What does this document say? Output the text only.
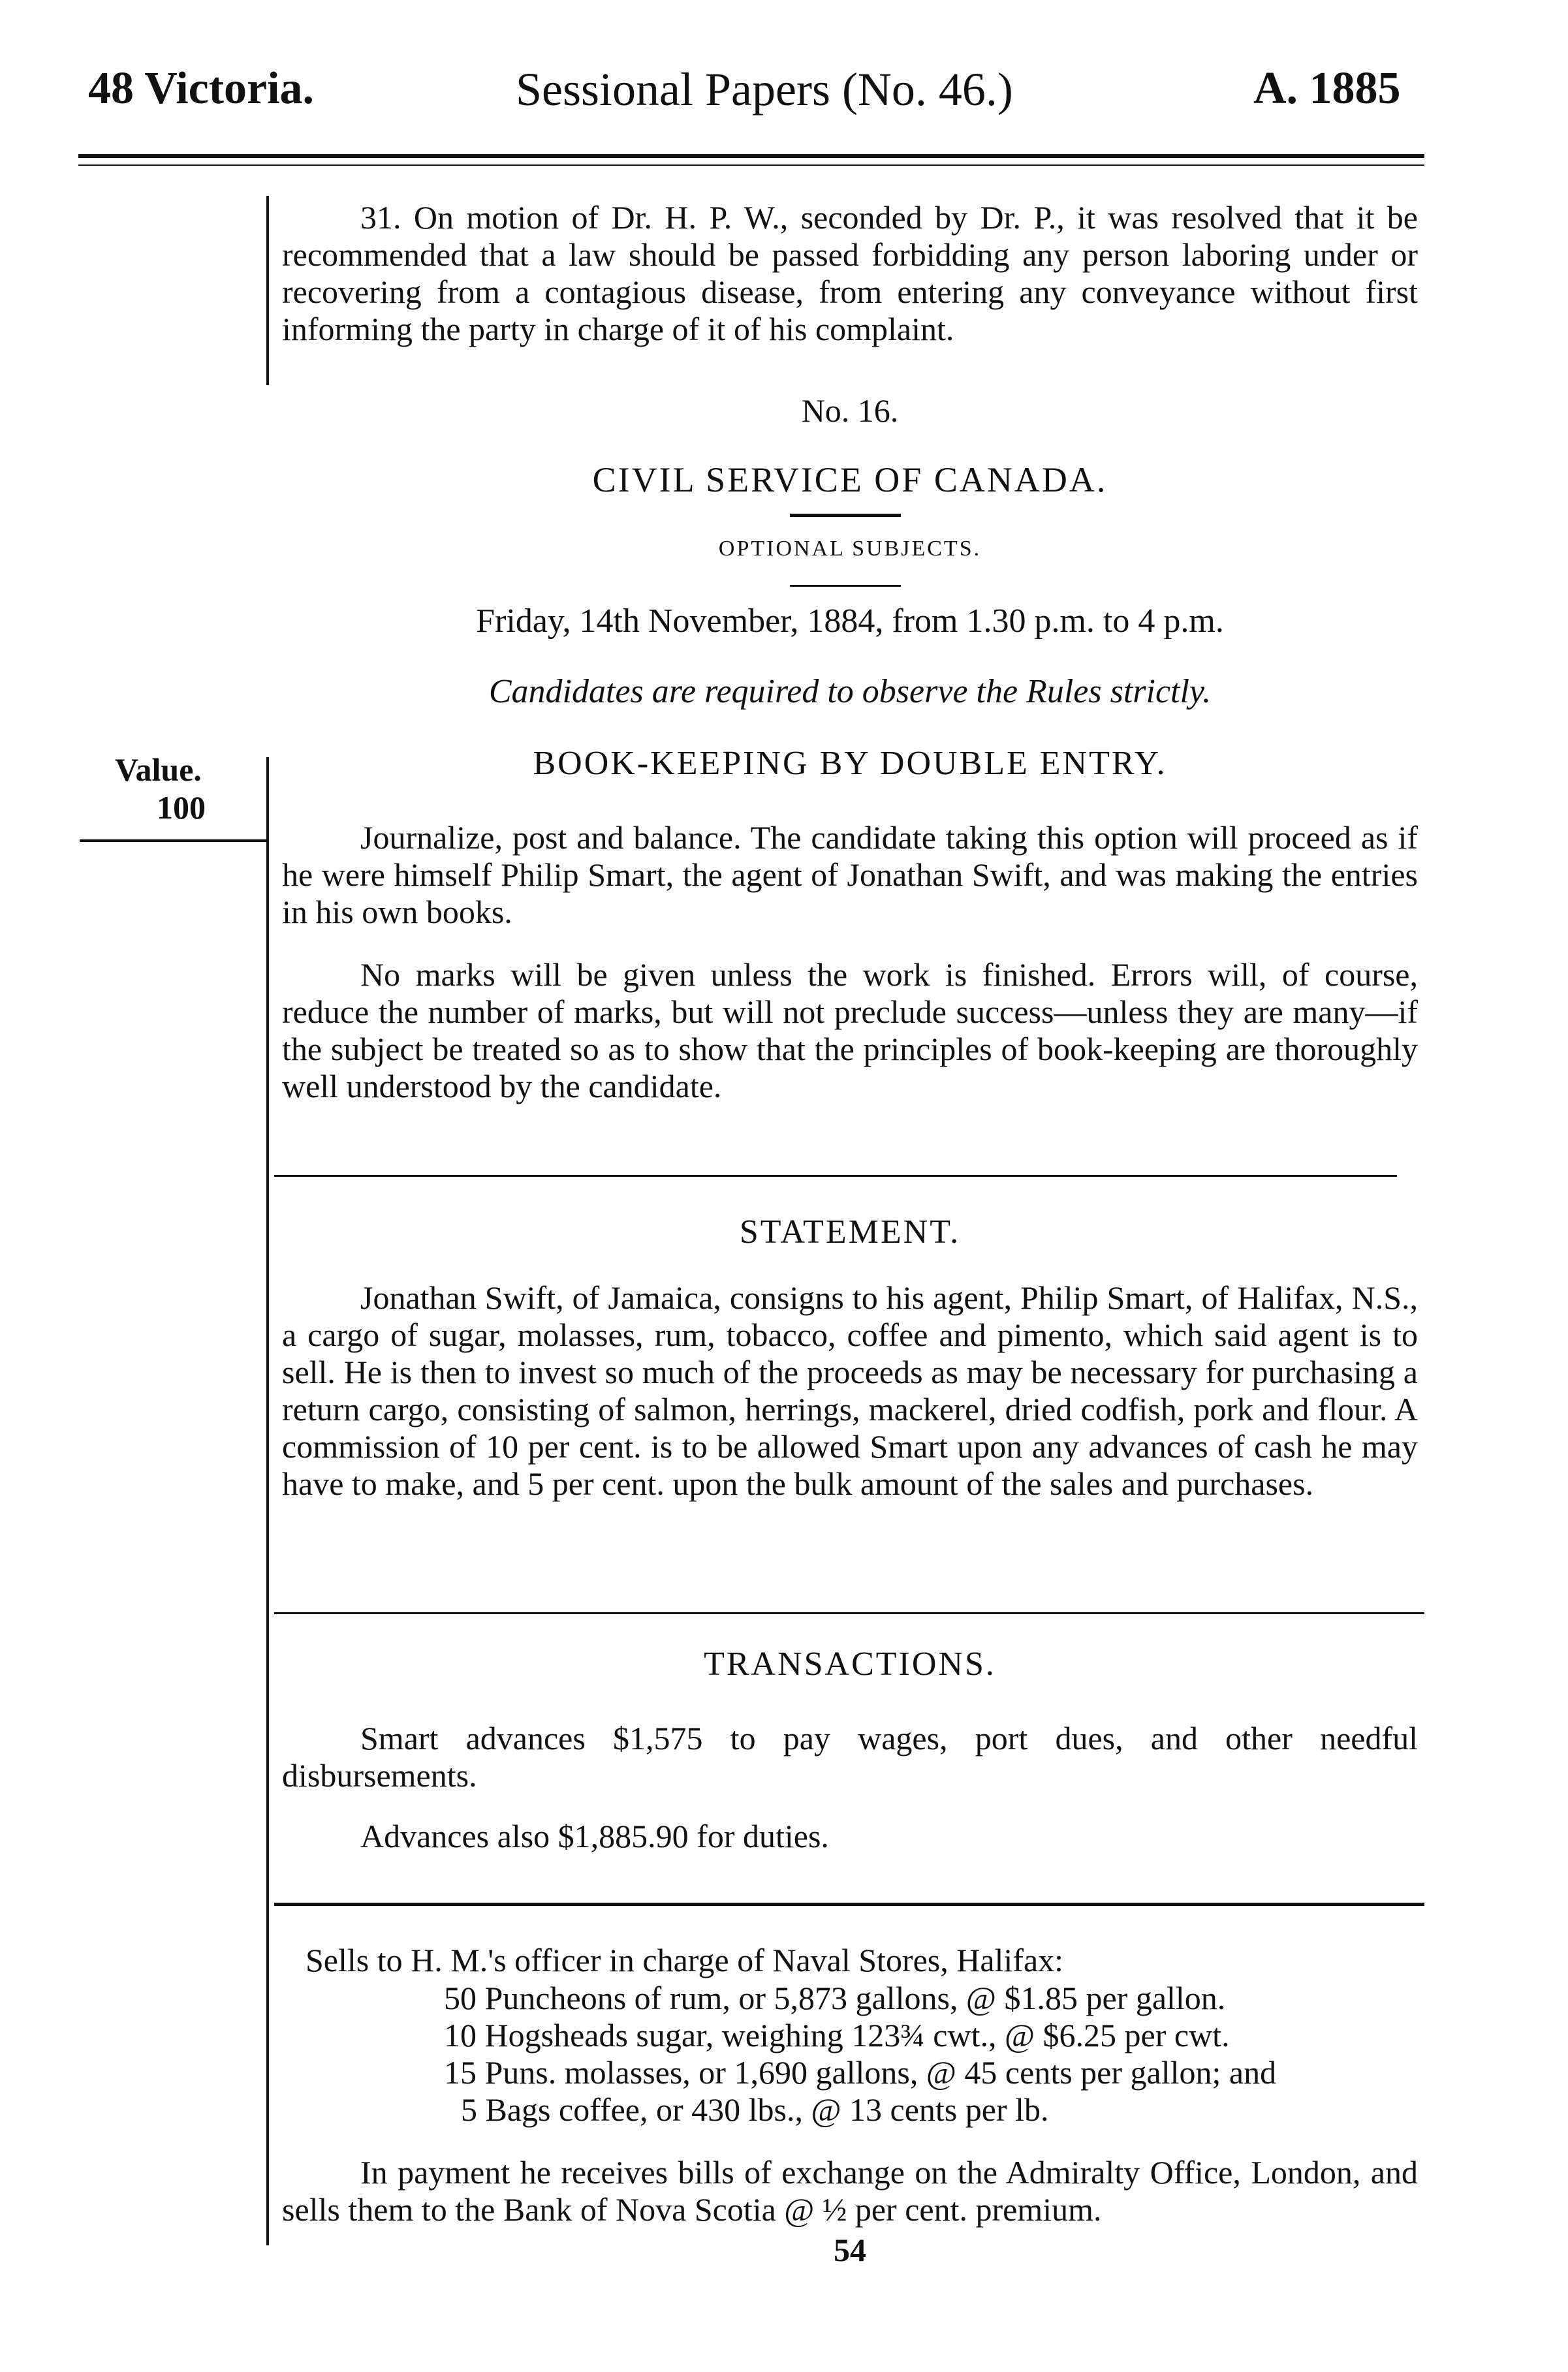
48 Victoria.	Sessional Papers (No. 46.)	A. 1885
31. On motion of Dr. H. P. W., seconded by Dr. P., it was resolved that it be recommended that a law should be passed forbidding any person laboring under or recovering from a contagious disease, from entering any conveyance without first informing the party in charge of it of his complaint.
No. 16.
CIVIL SERVICE OF CANADA.
OPTIONAL SUBJECTS.
Friday, 14th November, 1884, from 1.30 p.m. to 4 p.m.
Candidates are required to observe the Rules strictly.
BOOK-KEEPING BY DOUBLE ENTRY.
Value.
100
Journalize, post and balance. The candidate taking this option will proceed as if he were himself Philip Smart, the agent of Jonathan Swift, and was making the entries in his own books.
No marks will be given unless the work is finished. Errors will, of course, reduce the number of marks, but will not preclude success—unless they are many—if the subject be treated so as to show that the principles of book-keeping are thoroughly well understood by the candidate.
STATEMENT.
Jonathan Swift, of Jamaica, consigns to his agent, Philip Smart, of Halifax, N.S., a cargo of sugar, molasses, rum, tobacco, coffee and pimento, which said agent is to sell. He is then to invest so much of the proceeds as may be necessary for purchasing a return cargo, consisting of salmon, herrings, mackerel, dried codfish, pork and flour. A commission of 10 per cent. is to be allowed Smart upon any advances of cash he may have to make, and 5 per cent. upon the bulk amount of the sales and purchases.
TRANSACTIONS.
Smart advances $1,575 to pay wages, port dues, and other needful disbursements.
Advances also $1,885.90 for duties.
Sells to H. M.'s officer in charge of Naval Stores, Halifax:
50 Puncheons of rum, or 5,873 gallons, @ $1.85 per gallon.
10 Hogsheads sugar, weighing 123¾ cwt., @ $6.25 per cwt.
15 Puns. molasses, or 1,690 gallons, @ 45 cents per gallon; and
5 Bags coffee, or 430 lbs., @ 13 cents per lb.
In payment he receives bills of exchange on the Admiralty Office, London, and sells them to the Bank of Nova Scotia @ ½ per cent. premium.
54
